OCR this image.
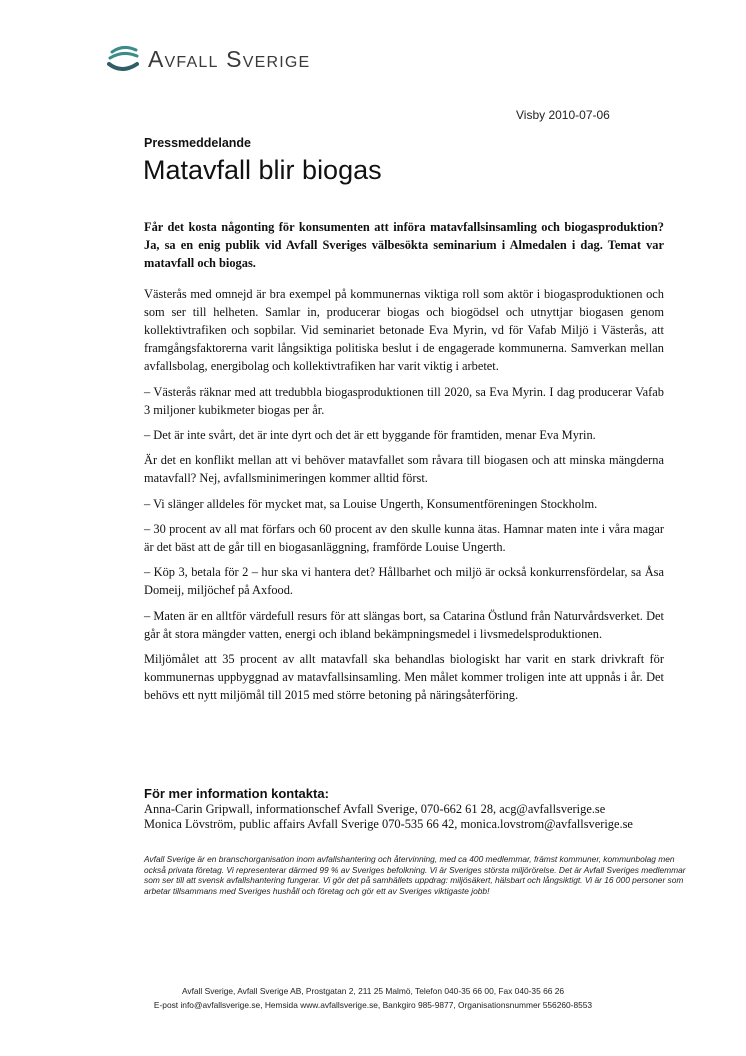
Avfall Sverige
Visby 2010-07-06
Pressmeddelande
Matavfall blir biogas

Får det kosta någonting för konsumenten att införa matavfallsinsamling och biogasproduktion? Ja, sa en enig publik vid Avfall Sveriges välbesökta seminarium i Almedalen i dag. Temat var matavfall och biogas.

Västerås med omnejd är bra exempel på kommunernas viktiga roll som aktör i biogasproduktionen och som ser till helheten. Samlar in, producerar biogas och biogödsel och utnyttjar biogasen genom kollektivtrafiken och sopbilar. Vid seminariet betonade Eva Myrin, vd för Vafab Miljö i Västerås, att framgångsfaktorerna varit långsiktiga politiska beslut i de engagerade kommunerna. Samverkan mellan avfallsbolag, energibolag och kollektivtrafiken har varit viktig i arbetet.

– Västerås räknar med att tredubbla biogasproduktionen till 2020, sa Eva Myrin. I dag producerar Vafab 3 miljoner kubikmeter biogas per år.

– Det är inte svårt, det är inte dyrt och det är ett byggande för framtiden, menar Eva Myrin.

Är det en konflikt mellan att vi behöver matavfallet som råvara till biogasen och att minska mängderna matavfall? Nej, avfallsminimeringen kommer alltid först.

– Vi slänger alldeles för mycket mat, sa Louise Ungerth, Konsumentföreningen Stockholm.

– 30 procent av all mat förfars och 60 procent av den skulle kunna ätas. Hamnar maten inte i våra magar är det bäst att de går till en biogasanläggning, framförde Louise Ungerth.

– Köp 3, betala för 2 – hur ska vi hantera det? Hållbarhet och miljö är också konkurrensfördelar, sa Åsa Domeij, miljöchef på Axfood.

– Maten är en alltför värdefull resurs för att slängas bort, sa Catarina Östlund från Naturvårdsverket. Det går åt stora mängder vatten, energi och ibland bekämpningsmedel i livsmedelsproduktionen.

Miljömålet att 35 procent av allt matavfall ska behandlas biologiskt har varit en stark drivkraft för kommunernas uppbyggnad av matavfallsinsamling. Men målet kommer troligen inte att uppnås i år. Det behövs ett nytt miljömål till 2015 med större betoning på näringsåterföring.

För mer information kontakta:
Anna-Carin Gripwall, informationschef Avfall Sverige, 070-662 61 28, acg@avfallsverige.se
Monica Lövström, public affairs Avfall Sverige 070-535 66 42, monica.lovstrom@avfallsverige.se
Avfall Sverige är en branschorganisation inom avfallshantering och återvinning, med ca 400 medlemmar, främst kommuner, kommunbolag men också privata företag. Vi representerar därmed 99 % av Sveriges befolkning. Vi är Sveriges största miljörörelse. Det är Avfall Sveriges medlemmar som ser till att svensk avfallshantering fungerar. Vi gör det på samhällets uppdrag: miljösäkert, hälsbart och långsiktigt. Vi är 16 000 personer som arbetar tillsammans med Sveriges hushåll och företag och gör ett av Sveriges viktigaste jobb!
Avfall Sverige, Avfall Sverige AB, Prostgatan 2, 211 25 Malmö, Telefon 040-35 66 00, Fax 040-35 66 26
E-post info@avfallsverige.se, Hemsida www.avfallsverige.se, Bankgiro 985-9877, Organisationsnummer 556260-8553
